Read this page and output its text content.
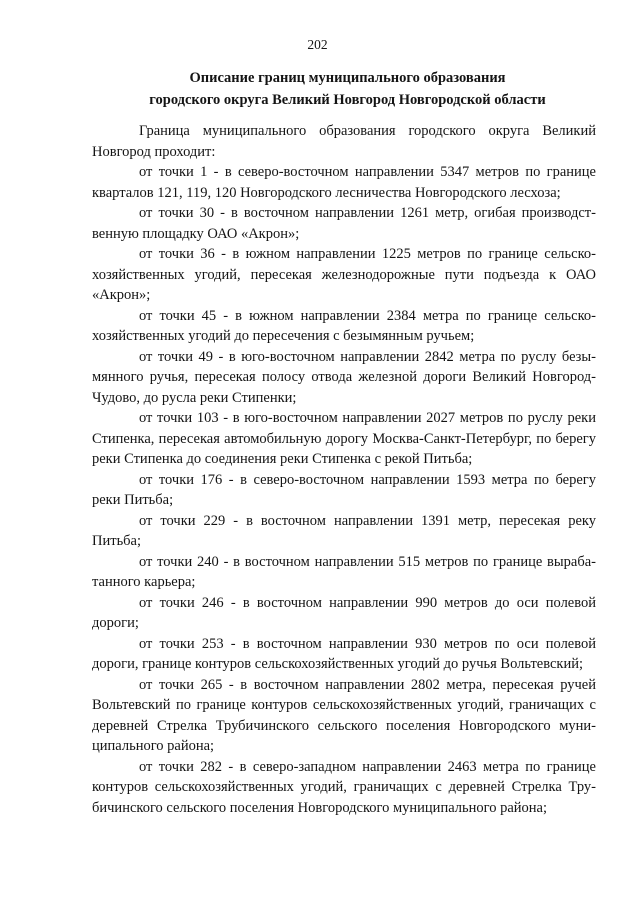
202
Описание границ муниципального образования
городского округа Великий Новгород Новгородской области

Граница муниципального образования городского округа Великий Новгород проходит:

от точки 1 - в северо-восточном направлении 5347 метров по границе кварталов 121, 119, 120 Новгородского лесничества Новгородского лесхоза;

от точки 30 - в восточном направлении 1261 метр, огибая производственную площадку ОАО «Акрон»;

от точки 36 - в южном направлении 1225 метров по границе сельскохозяйственных угодий, пересекая железнодорожные пути подъезда к ОАО «Акрон»;

от точки 45 - в южном направлении 2384 метра по границе сельскохозяйственных угодий до пересечения с безымянным ручьем;

от точки 49 - в юго-восточном направлении 2842 метра по руслу безымянного ручья, пересекая полосу отвода железной дороги Великий Новгород-Чудово, до русла реки Стипенки;

от точки 103 - в юго-восточном направлении 2027 метров по руслу реки Стипенка, пересекая автомобильную дорогу Москва-Санкт-Петербург, по берегу реки Стипенка до соединения реки Стипенка с рекой Питьба;

от точки 176 - в северо-восточном направлении 1593 метра по берегу реки Питьба;

от точки 229 - в восточном направлении 1391 метр, пересекая реку Питьба;

от точки 240 - в восточном направлении 515 метров по границе вырабатанного карьера;

от точки 246 - в восточном направлении 990 метров до оси полевой дороги;

от точки 253 - в восточном направлении 930 метров по оси полевой дороги, границе контуров сельскохозяйственных угодий до ручья Вольтевский;

от точки 265 - в восточном направлении 2802 метра, пересекая ручей Вольтевский по границе контуров сельскохозяйственных угодий, граничащих с деревней Стрелка Трубичинского сельского поселения Новгородского муниципального района;

от точки 282 - в северо-западном направлении 2463 метра по границе контуров сельскохозяйственных угодий, граничащих с деревней Стрелка Трубичинского сельского поселения Новгородского муниципального района;
